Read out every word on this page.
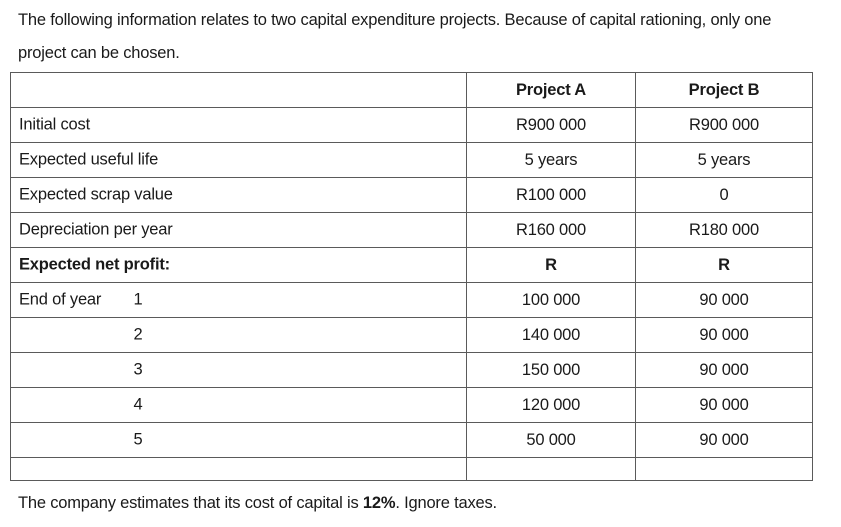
The following information relates to two capital expenditure projects. Because of capital rationing, only one
project can be chosen.
	Project A	Project B

Initial cost	R900 000	R900 000

Expected useful life	5 years	5 years

Expected scrap value	R100 000	0

Depreciation per year	R160 000	R180 000

Expected net profit:	R	R

End of year 1	100 000	90 000

2	140 000	90 000

3	150 000	90 000

4	120 000	90 000

5	50 000	90 000

The company estimates that its cost of capital is 12%. Ignore taxes.
